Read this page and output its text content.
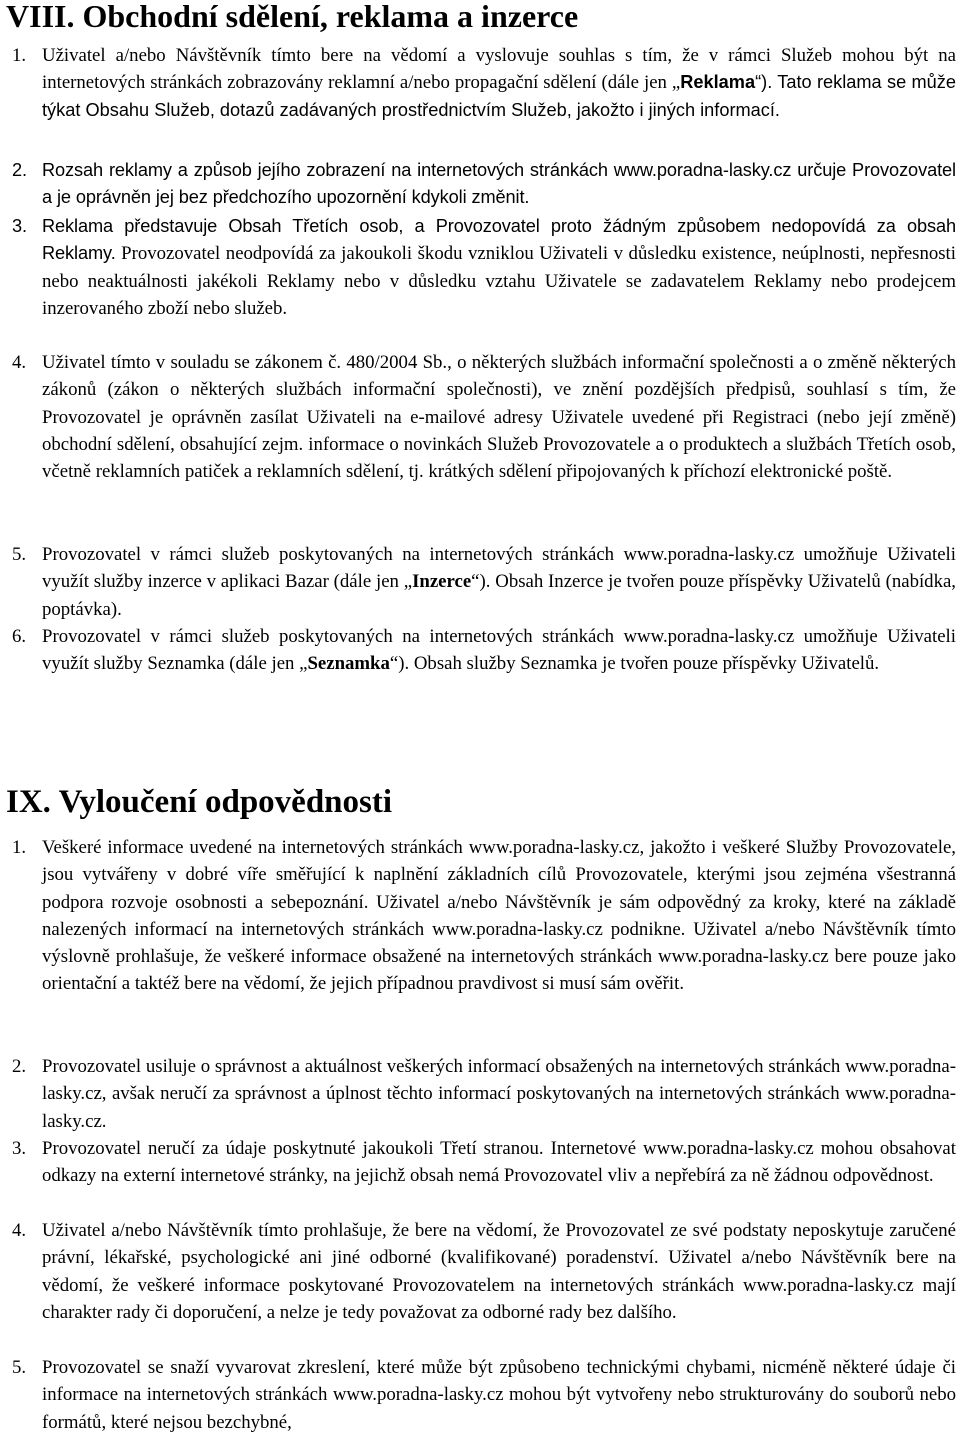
VIII. Obchodní sdělení, reklama a inzerce
1. Uživatel a/nebo Návštěvník tímto bere na vědomí a vyslovuje souhlas s tím, že v rámci Služeb mohou být na internetových stránkách zobrazovány reklamní a/nebo propagační sdělení (dále jen „Reklama“). Tato reklama se může týkat Obsahu Služeb, dotazů zadávaných prostřednictvím Služeb, jakožto i jiných informací.
2. Rozsah reklamy a způsob jejího zobrazení na internetových stránkách www.poradna-lasky.cz určuje Provozovatel a je oprávněn jej bez předchozího upozornění kdykoli změnit.
3. Reklama představuje Obsah Třetích osob, a Provozovatel proto žádným způsobem nedopovídá za obsah Reklamy. Provozovatel neodpovídá za jakoukoli škodu vzniklou Uživateli v důsledku existence, neúplnosti, nepřesnosti nebo neaktuálnosti jakékoli Reklamy nebo v důsledku vztahu Uživatele se zadavatelem Reklamy nebo prodejcem inzerovaného zboží nebo služeb.
4. Uživatel tímto v souladu se zákonem č. 480/2004 Sb., o některých službách informační společnosti a o změně některých zákonů (zákon o některých službách informační společnosti), ve znění pozdějších předpisů, souhlasí s tím, že Provozovatel je oprávněn zasílat Uživateli na e-mailové adresy Uživatele uvedené při Registraci (nebo její změně) obchodní sdělení, obsahující zejm. informace o novinkách Služeb Provozovatele a o produktech a službách Třetích osob, včetně reklamních patiček a reklamních sdělení, tj. krátkých sdělení připojovaných k příchozí elektronické poště.
5. Provozovatel v rámci služeb poskytovaných na internetových stránkách www.poradna-lasky.cz umožňuje Uživateli využít služby inzerce v aplikaci Bazar (dále jen „Inzerce“). Obsah Inzerce je tvořen pouze příspěvky Uživatelů (nabídka, poptávka).
6. Provozovatel v rámci služeb poskytovaných na internetových stránkách www.poradna-lasky.cz umožňuje Uživateli využít služby Seznamka (dále jen „Seznamka“). Obsah služby Seznamka je tvořen pouze příspěvky Uživatelů.
IX. Vyloučení odpovědnosti
1. Veškeré informace uvedené na internetových stránkách www.poradna-lasky.cz, jakožto i veškeré Služby Provozovatele, jsou vytvářeny v dobré víře směřující k naplnění základních cílů Provozovatele, kterými jsou zejména všestranná podpora rozvoje osobnosti a sebepoznání. Uživatel a/nebo Návštěvník je sám odpovědný za kroky, které na základě nalezených informací na internetových stránkách www.poradna-lasky.cz podnikne. Uživatel a/nebo Návštěvník tímto výslovně prohlašuje, že veškeré informace obsažené na internetových stránkách www.poradna-lasky.cz bere pouze jako orientační a taktéž bere na vědomí, že jejich případnou pravdivost si musí sám ověřit.
2. Provozovatel usiluje o správnost a aktuálnost veškerých informací obsažených na internetových stránkách www.poradna-lasky.cz, avšak neručí za správnost a úplnost těchto informací poskytovaných na internetových stránkách www.poradna-lasky.cz.
3. Provozovatel neručí za údaje poskytnuté jakoukoli Třetí stranou. Internetové www.poradna-lasky.cz mohou obsahovat odkazy na externí internetové stránky, na jejichž obsah nemá Provozovatel vliv a nepřebírá za ně žádnou odpovědnost.
4. Uživatel a/nebo Návštěvník tímto prohlašuje, že bere na vědomí, že Provozovatel ze své podstaty neposkytuje zaručené právní, lékařské, psychologické ani jiné odborné (kvalifikované) poradenství. Uživatel a/nebo Návštěvník bere na vědomí, že veškeré informace poskytované Provozovatelem na internetových stránkách www.poradna-lasky.cz mají charakter rady či doporučení, a nelze je tedy považovat za odborné rady bez dalšího.
5. Provozovatel se snaží vyvarovat zkreslení, které může být způsobeno technickými chybami, nicméně některé údaje či informace na internetových stránkách www.poradna-lasky.cz mohou být vytvořeny nebo strukturovány do souborů nebo formátů, které nejsou bezchybné,
